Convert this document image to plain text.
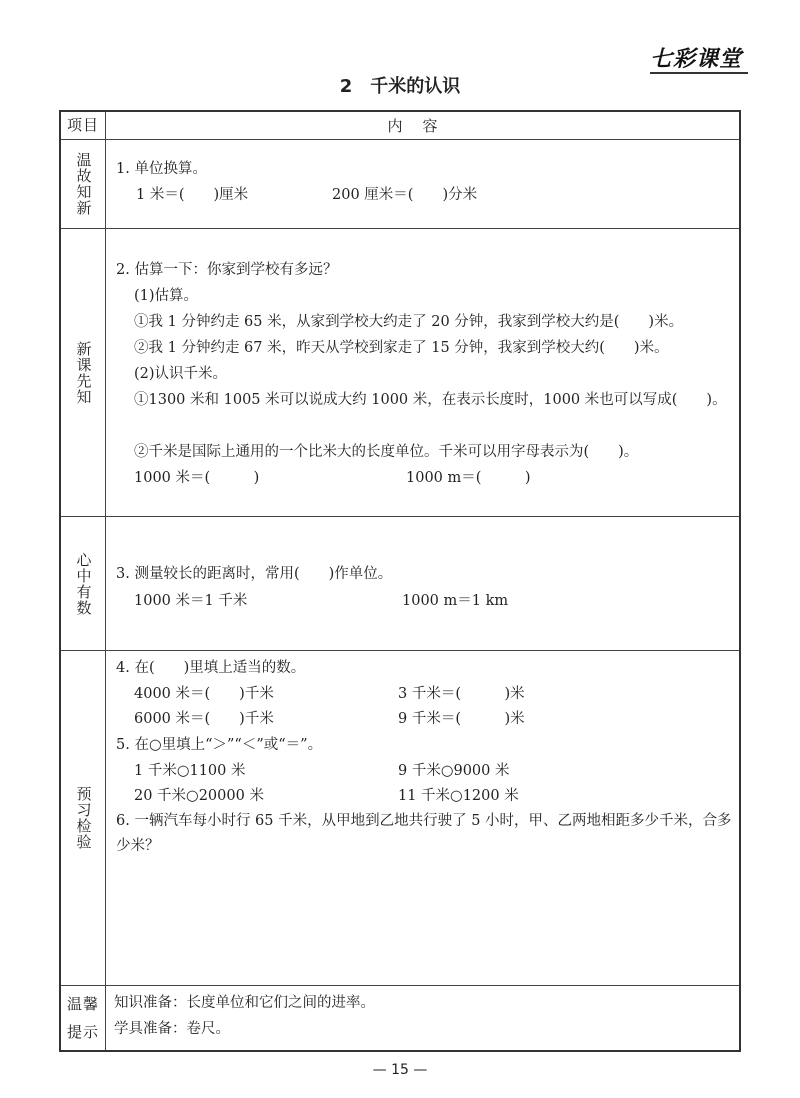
七彩课堂
2　千米的认识
项目	内容
温故知新 1. 单位换算。
1 米＝(　　)厘米	200 厘米＝(　　)分米
新课先知
2. 估算一下：你家到学校有多远？
(1)估算。
①我 1 分钟约走 65 米，从家到学校大约走了 20 分钟，我家到学校大约是(　　)米。
②我 1 分钟约走 67 米，昨天从学校到家走了 15 分钟，我家到学校大约(　　)米。
(2)认识千米。
①1300 米和 1005 米可以说成大约 1000 米，在表示长度时，1000 米也可以写成(　　)。
②千米是国际上通用的一个比米大的长度单位。千米可以用字母表示为(　　)。
1000 米＝(　　　)	1000 m＝(　　　)
心中有数 3. 测量较长的距离时，常用(　　)作单位。
1000 米＝1 千米	1000 m＝1 km
预习检验
4. 在(　　)里填上适当的数。
4000 米＝(　　)千米	3 千米＝(　　　)米
6000 米＝(　　)千米	9 千米＝(　　　)米
5. 在○里填上“＞”“＜”或“＝”。
1 千米○1100 米	9 千米○9000 米
20 千米○20000 米	11 千米○1200 米
6. 一辆汽车每小时行 65 千米，从甲地到乙地共行驶了 5 小时，甲、乙两地相距多少千米，合多少米？
温馨提示
知识准备：长度单位和它们之间的进率。
学具准备：卷尺。
— 15 —
